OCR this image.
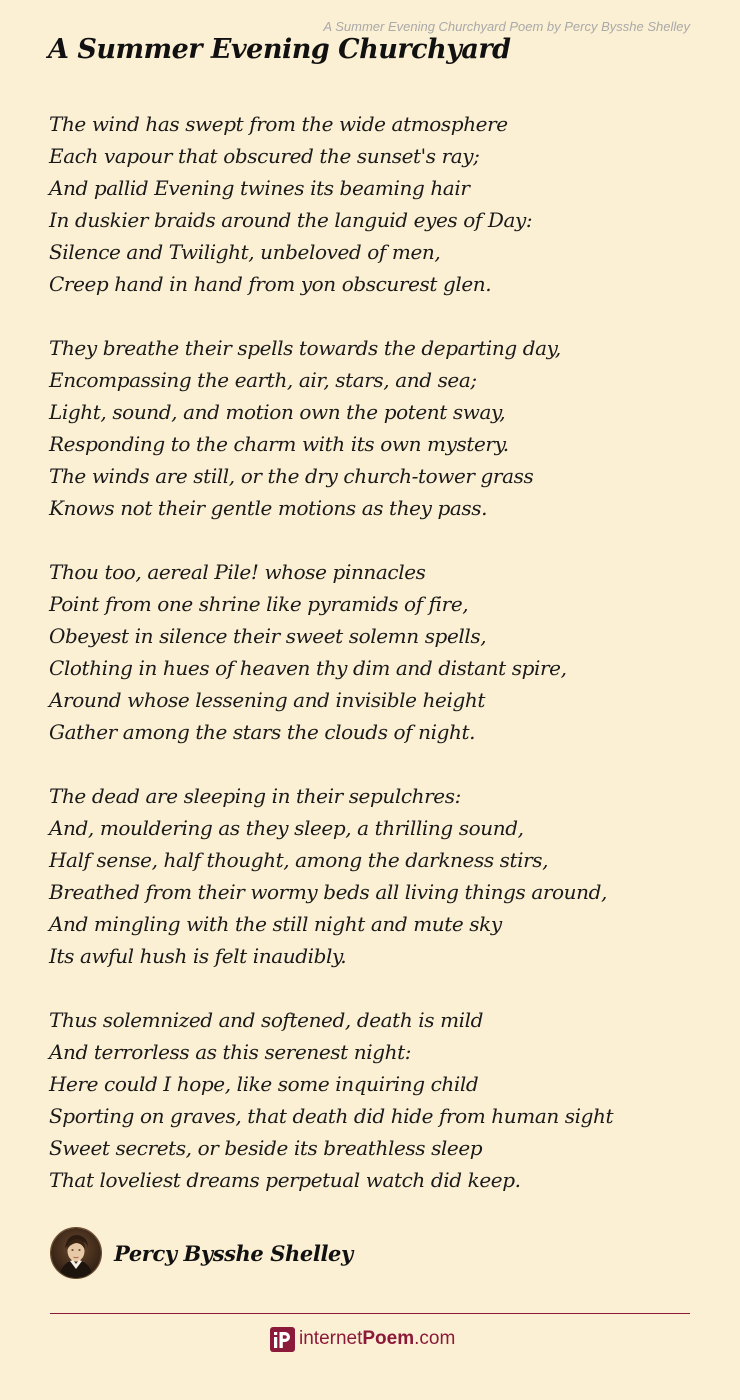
A Summer Evening Churchyard Poem by Percy Bysshe Shelley
A Summer Evening Churchyard
The wind has swept from the wide atmosphere
Each vapour that obscured the sunset's ray;
And pallid Evening twines its beaming hair
In duskier braids around the languid eyes of Day:
Silence and Twilight, unbeloved of men,
Creep hand in hand from yon obscurest glen.
They breathe their spells towards the departing day,
Encompassing the earth, air, stars, and sea;
Light, sound, and motion own the potent sway,
Responding to the charm with its own mystery.
The winds are still, or the dry church-tower grass
Knows not their gentle motions as they pass.
Thou too, aereal Pile! whose pinnacles
Point from one shrine like pyramids of fire,
Obeyest in silence their sweet solemn spells,
Clothing in hues of heaven thy dim and distant spire,
Around whose lessening and invisible height
Gather among the stars the clouds of night.
The dead are sleeping in their sepulchres:
And, mouldering as they sleep, a thrilling sound,
Half sense, half thought, among the darkness stirs,
Breathed from their wormy beds all living things around,
And mingling with the still night and mute sky
Its awful hush is felt inaudibly.
Thus solemnized and softened, death is mild
And terrorless as this serenest night:
Here could I hope, like some inquiring child
Sporting on graves, that death did hide from human sight
Sweet secrets, or beside its breathless sleep
That loveliest dreams perpetual watch did keep.
Percy Bysshe Shelley
internetPoem.com
